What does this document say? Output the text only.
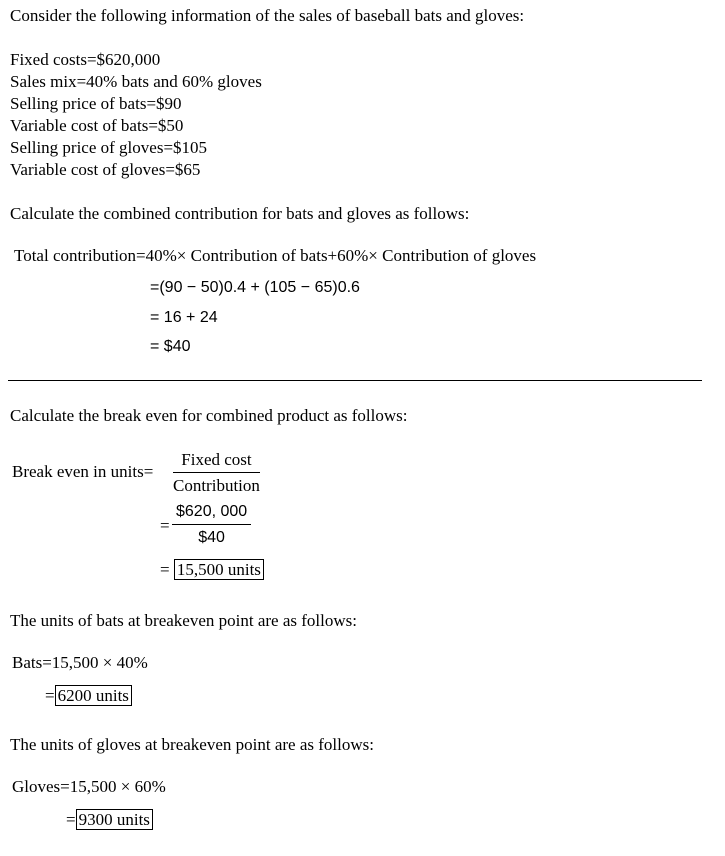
Consider the following information of the sales of baseball bats and gloves:
Fixed costs=$620,000
Sales mix=40% bats and 60% gloves
Selling price of bats=$90
Variable cost of bats=$50
Selling price of gloves=$105
Variable cost of gloves=$65
Calculate the combined contribution for bats and gloves as follows:
Total contribution=40%× Contribution of bats+60%× Contribution of gloves
=(90 − 50)0.4 + (105 − 65)0.6
= 16 + 24
= $40
Calculate the break even for combined product as follows:
Break even in units=
Fixed cost
Contribution
= $\frac{\$620, 000}{\$40}$
= 15,500 units
The units of bats at breakeven point are as follows:
Bats=15,500 × 40%
= 6200 units
The units of gloves at breakeven point are as follows:
Gloves=15,500 × 60%
= 9300 units
